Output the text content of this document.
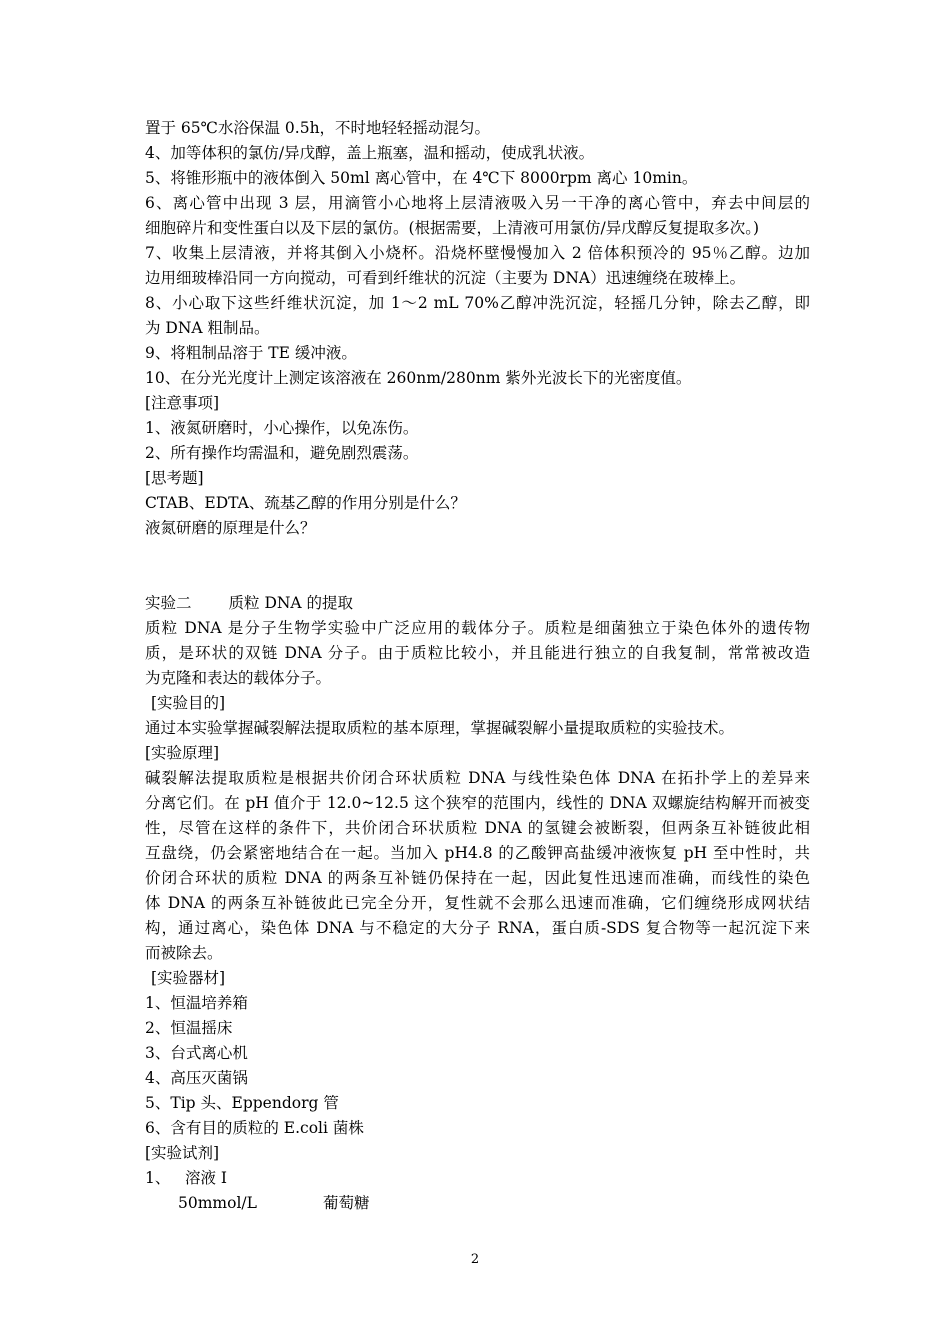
置于 65℃水浴保温 0.5h，不时地轻轻摇动混匀。
4、加等体积的氯仿/异戊醇，盖上瓶塞，温和摇动，使成乳状液。
5、将锥形瓶中的液体倒入 50ml 离心管中，在 4℃下 8000rpm 离心 10min。
6、离心管中出现 3 层，用滴管小心地将上层清液吸入另一干净的离心管中，弃去中间层的
细胞碎片和变性蛋白以及下层的氯仿。(根据需要，上清液可用氯仿/异戊醇反复提取多次。)
7、收集上层清液，并将其倒入小烧杯。沿烧杯壁慢慢加入 2 倍体积预冷的 95％乙醇。边加
边用细玻棒沿同一方向搅动，可看到纤维状的沉淀（主要为 DNA）迅速缠绕在玻棒上。
8、小心取下这些纤维状沉淀，加 1～2 mL 70%乙醇冲洗沉淀，轻摇几分钟，除去乙醇，即
为 DNA 粗制品。
9、将粗制品溶于 TE 缓冲液。
10、在分光光度计上测定该溶液在 260nm/280nm 紫外光波长下的光密度值。
[注意事项]
1、液氮研磨时，小心操作，以免冻伤。
2、所有操作均需温和，避免剧烈震荡。
[思考题]
CTAB、EDTA、巯基乙醇的作用分别是什么？
液氮研磨的原理是什么？
实验二 质粒 DNA 的提取
质粒 DNA 是分子生物学实验中广泛应用的载体分子。质粒是细菌独立于染色体外的遗传物
质，是环状的双链 DNA 分子。由于质粒比较小，并且能进行独立的自我复制，常常被改造
为克隆和表达的载体分子。
[实验目的]
通过本实验掌握碱裂解法提取质粒的基本原理，掌握碱裂解小量提取质粒的实验技术。
[实验原理]
碱裂解法提取质粒是根据共价闭合环状质粒 DNA 与线性染色体 DNA 在拓扑学上的差异来
分离它们。在 pH 值介于 12.0~12.5 这个狭窄的范围内，线性的 DNA 双螺旋结构解开而被变
性，尽管在这样的条件下，共价闭合环状质粒 DNA 的氢键会被断裂，但两条互补链彼此相
互盘绕，仍会紧密地结合在一起。当加入 pH4.8 的乙酸钾高盐缓冲液恢复 pH 至中性时，共
价闭合环状的质粒 DNA 的两条互补链仍保持在一起，因此复性迅速而准确，而线性的染色
体 DNA 的两条互补链彼此已完全分开，复性就不会那么迅速而准确，它们缠绕形成网状结
构，通过离心，染色体 DNA 与不稳定的大分子 RNA，蛋白质-SDS 复合物等一起沉淀下来
而被除去。
[实验器材]
1、恒温培养箱
2、恒温摇床
3、台式离心机
4、高压灭菌锅
5、Tip 头、Eppendorg 管
6、含有目的质粒的 E.coli 菌株
[实验试剂]
1、 溶液 I
50mmol/L	葡萄糖
2
